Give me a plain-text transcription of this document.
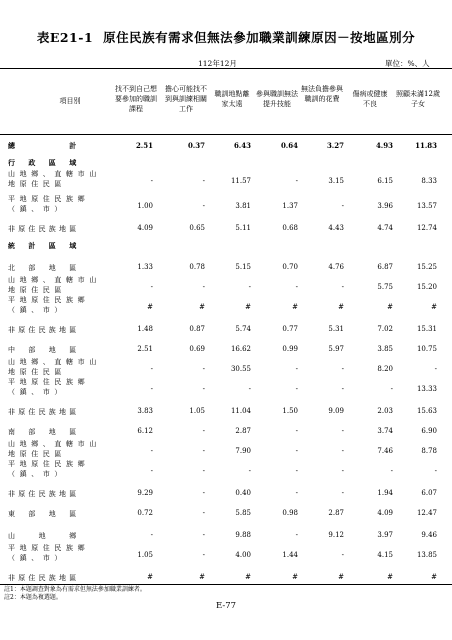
表E21-1 原住民族有需求但無法參加職業訓練原因－按地區別分
112年12月	單位：%、人
項目別
找不到自己想要參加的職訓課程
擔心可能找不到與訓練相關工作
職訓地點離家太遠
參與職訓無法提升技能
無法負擔參與職訓的花費
傷病或健康不良
照顧未滿12歲子女
總　　　　　計	2.51	0.37	6.43	0.64	3.27	4.93	11.83
行　政　區　域
山地鄉、直轄市山地原住民區	-	-	11.57	-	3.15	6.15	8.33
平地原住民族鄉（鎮、市）	1.00	-	3.81	1.37	-	3.96	13.57
非原住民族地區	4.09	0.65	5.11	0.68	4.43	4.74	12.74
統　計　區　域
北　部　地　區	1.33	0.78	5.15	0.70	4.76	6.87	15.25
山地鄉、直轄市山地原住民區	-	-	-	-	-	5.75	15.20
平地原住民族鄉（鎮、市）	#	#	#	#	#	#	#
非原住民族地區	1.48	0.87	5.74	0.77	5.31	7.02	15.31
中　部　地　區	2.51	0.69	16.62	0.99	5.97	3.85	10.75
山地鄉、直轄市山地原住民區	-	-	30.55	-	-	8.20	-
平地原住民族鄉（鎮、市）	-	-	-	-	-	-	13.33
非原住民族地區	3.83	1.05	11.04	1.50	9.09	2.03	15.63
南　部　地　區	6.12	-	2.87	-	-	3.74	6.90
山地鄉、直轄市山地原住民區	-	-	7.90	-	-	7.46	8.78
平地原住民族鄉（鎮、市）	-	-	-	-	-	-	-
非原住民族地區	9.29	-	0.40	-	-	1.94	6.07
東　部　地　區	0.72	-	5.85	0.98	2.87	4.09	12.47
山　　地　　鄉	-	-	9.88	-	9.12	3.97	9.46
平地原住民族鄉（鎮、市）	1.05	-	4.00	1.44	-	4.15	13.85
非原住民族地區	#	#	#	#	#	#	#
註1：本題調查對象為有需求但無法參加職業訓練者。
註2：本題為複選題。
E-77
